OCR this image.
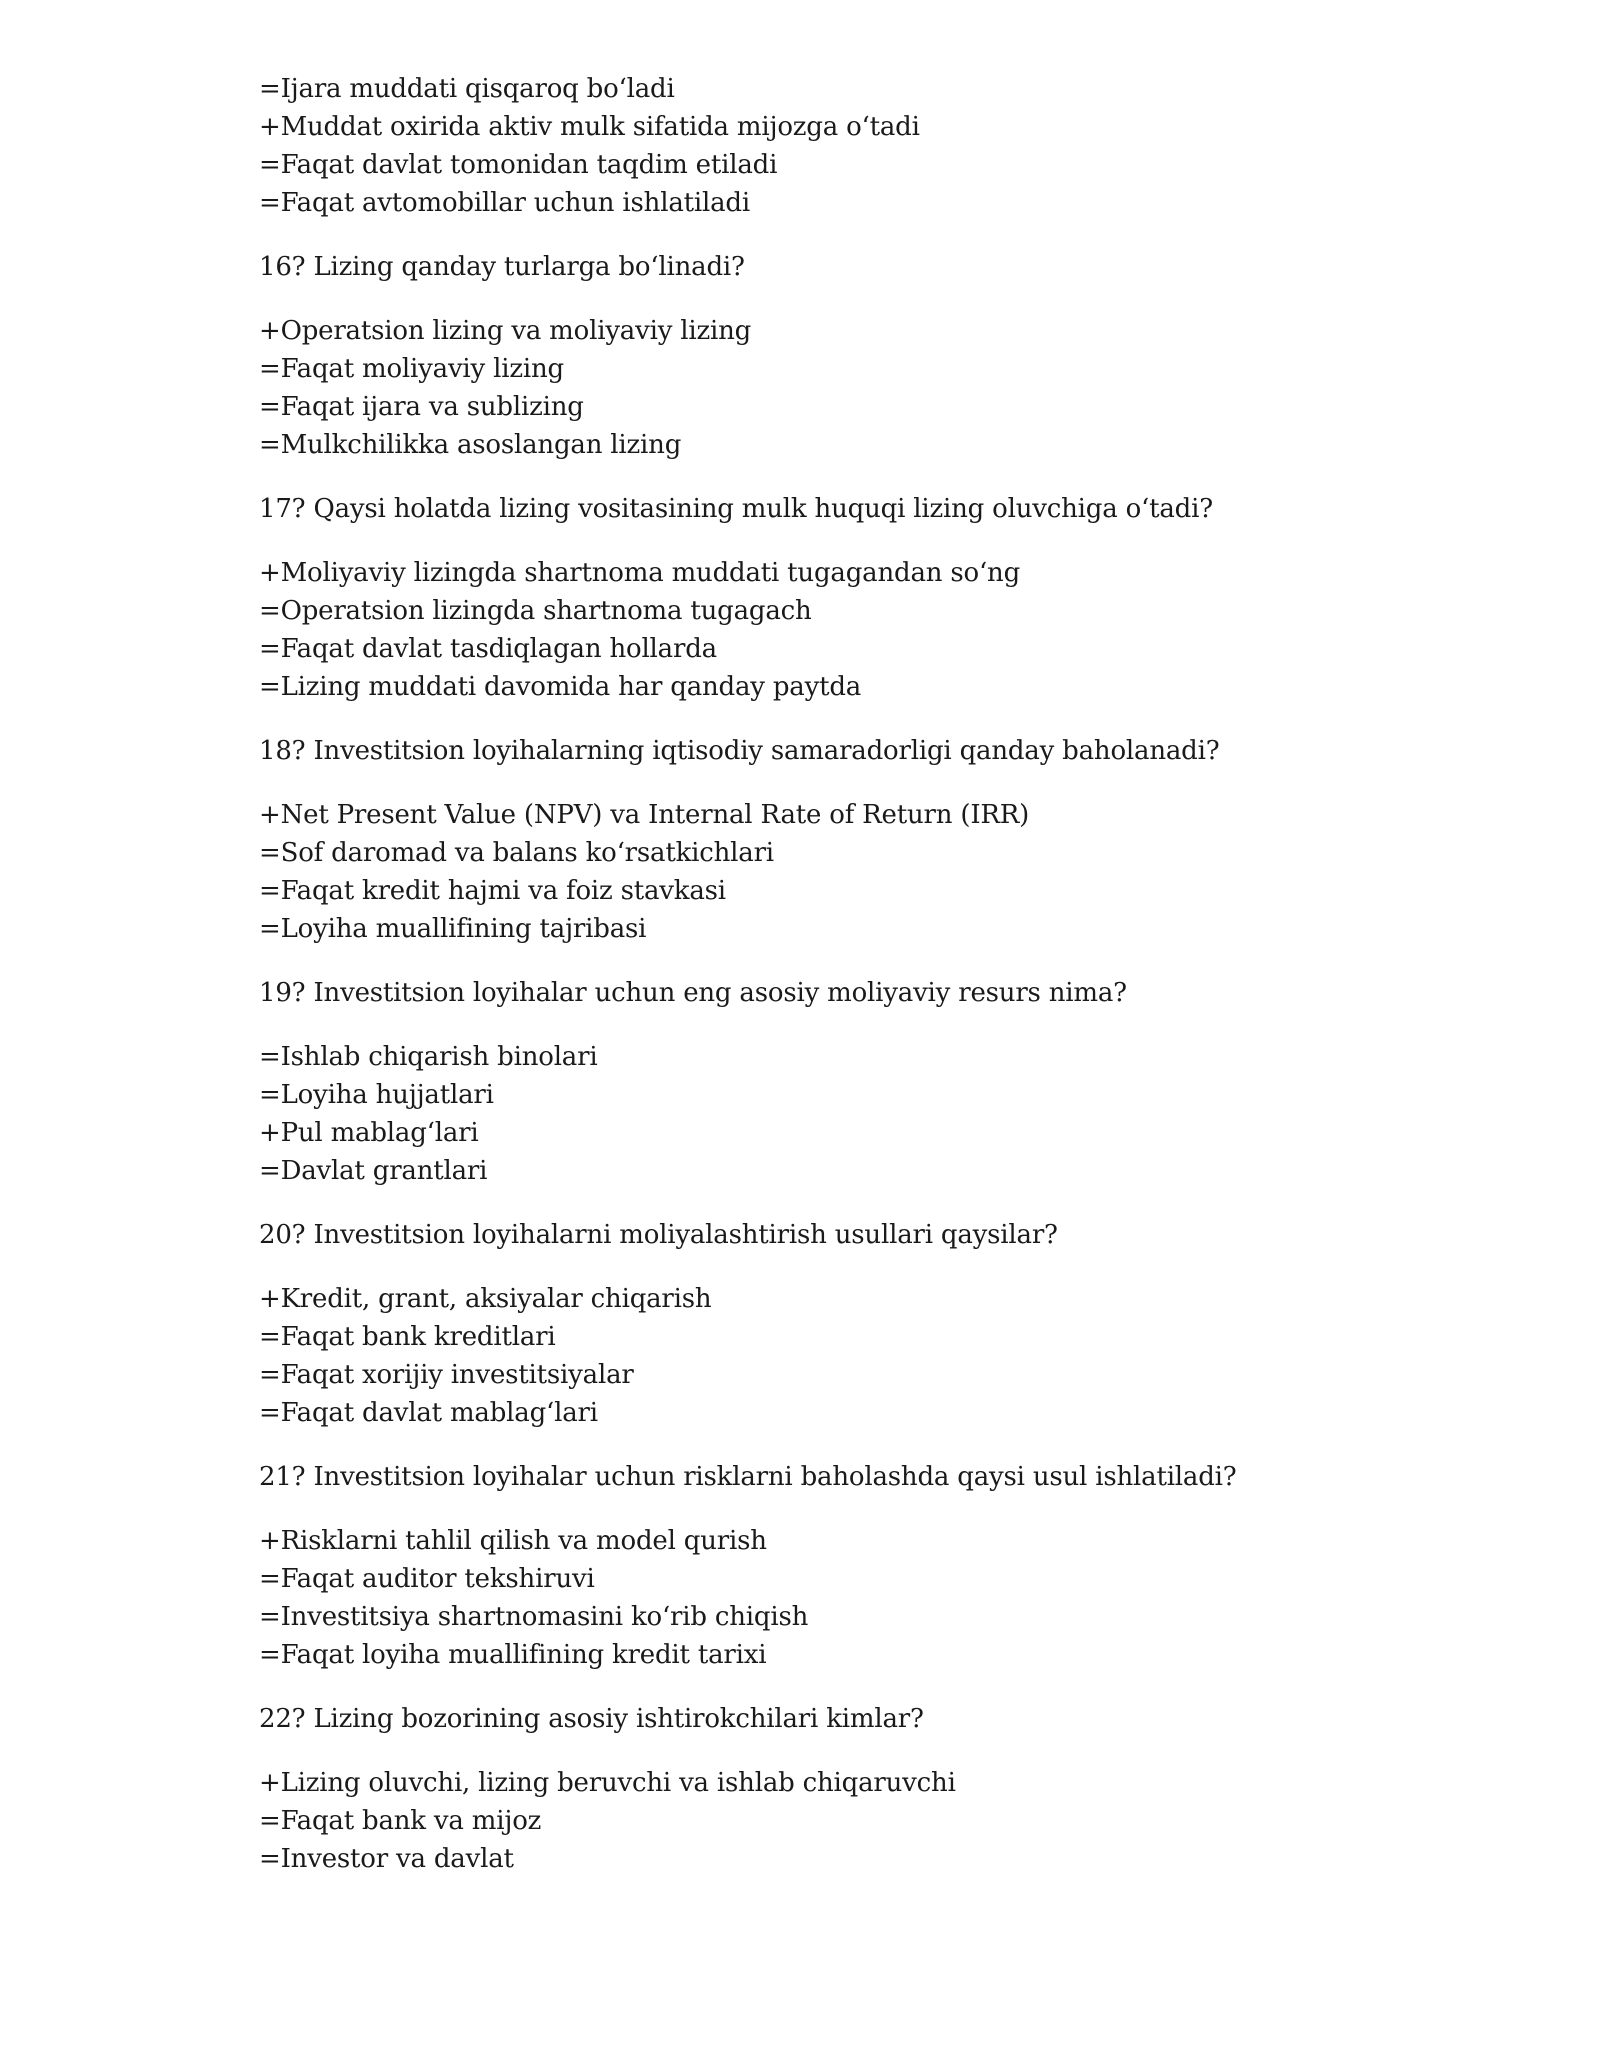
=Ijara muddati qisqaroq bo‘ladi
+Muddat oxirida aktiv mulk sifatida mijozga o‘tadi
=Faqat davlat tomonidan taqdim etiladi
=Faqat avtomobillar uchun ishlatiladi
16? Lizing qanday turlarga bo‘linadi?
+Operatsion lizing va moliyaviy lizing
=Faqat moliyaviy lizing
=Faqat ijara va sublizing
=Mulkchilikka asoslangan lizing
17? Qaysi holatda lizing vositasining mulk huquqi lizing oluvchiga o‘tadi?
+Moliyaviy lizingda shartnoma muddati tugagandan so‘ng
=Operatsion lizingda shartnoma tugagach
=Faqat davlat tasdiqlagan hollarda
=Lizing muddati davomida har qanday paytda
18? Investitsion loyihalarning iqtisodiy samaradorligi qanday baholanadi?
+Net Present Value (NPV) va Internal Rate of Return (IRR)
=Sof daromad va balans ko‘rsatkichlari
=Faqat kredit hajmi va foiz stavkasi
=Loyiha muallifining tajribasi
19? Investitsion loyihalar uchun eng asosiy moliyaviy resurs nima?
=Ishlab chiqarish binolari
=Loyiha hujjatlari
+Pul mablag‘lari
=Davlat grantlari
20? Investitsion loyihalarni moliyalashtirish usullari qaysilar?
+Kredit, grant, aksiyalar chiqarish
=Faqat bank kreditlari
=Faqat xorijiy investitsiyalar
=Faqat davlat mablag‘lari
21? Investitsion loyihalar uchun risklarni baholashda qaysi usul ishlatiladi?
+Risklarni tahlil qilish va model qurish
=Faqat auditor tekshiruvi
=Investitsiya shartnomasini ko‘rib chiqish
=Faqat loyiha muallifining kredit tarixi
22? Lizing bozorining asosiy ishtirokchilari kimlar?
+Lizing oluvchi, lizing beruvchi va ishlab chiqaruvchi
=Faqat bank va mijoz
=Investor va davlat
